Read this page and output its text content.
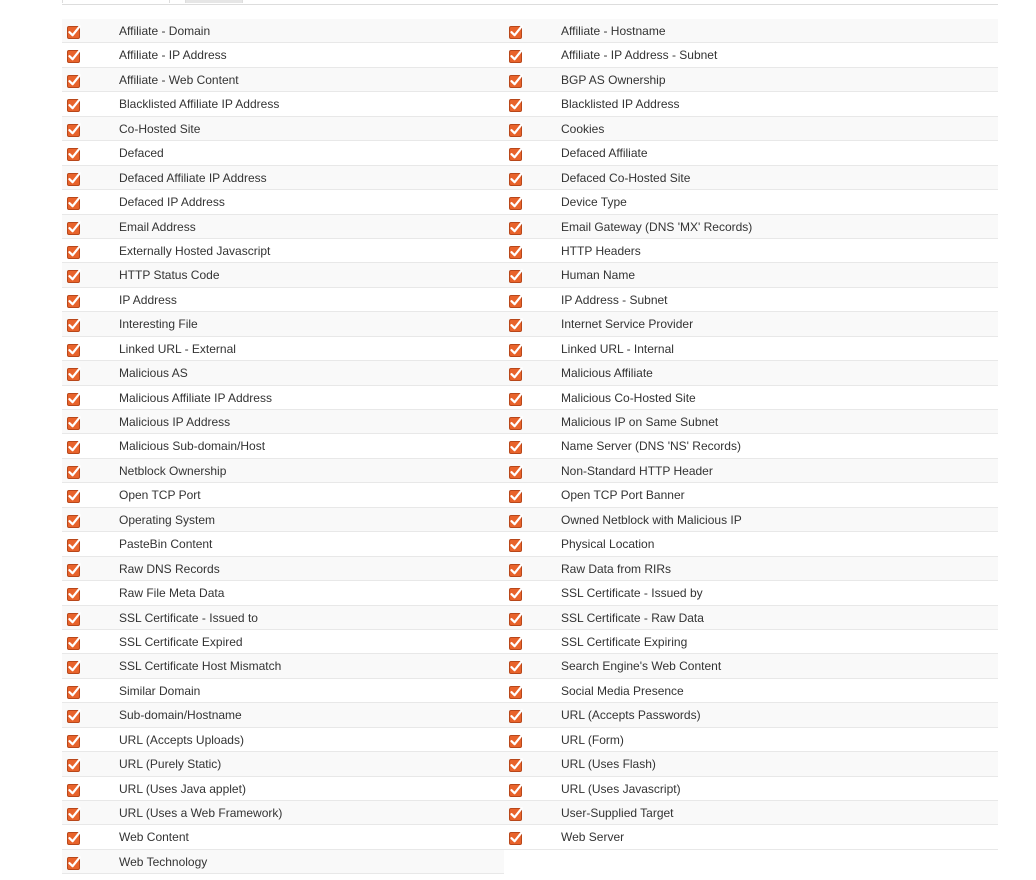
Affiliate - Domain	Affiliate - Hostname
Affiliate - IP Address	Affiliate - IP Address - Subnet
Affiliate - Web Content	BGP AS Ownership
Blacklisted Affiliate IP Address	Blacklisted IP Address
Co-Hosted Site	Cookies
Defaced	Defaced Affiliate
Defaced Affiliate IP Address	Defaced Co-Hosted Site
Defaced IP Address	Device Type
Email Address	Email Gateway (DNS 'MX' Records)
Externally Hosted Javascript	HTTP Headers
HTTP Status Code	Human Name
IP Address	IP Address - Subnet
Interesting File	Internet Service Provider
Linked URL - External	Linked URL - Internal
Malicious AS	Malicious Affiliate
Malicious Affiliate IP Address	Malicious Co-Hosted Site
Malicious IP Address	Malicious IP on Same Subnet
Malicious Sub-domain/Host	Name Server (DNS 'NS' Records)
Netblock Ownership	Non-Standard HTTP Header
Open TCP Port	Open TCP Port Banner
Operating System	Owned Netblock with Malicious IP
PasteBin Content	Physical Location
Raw DNS Records	Raw Data from RIRs
Raw File Meta Data	SSL Certificate - Issued by
SSL Certificate - Issued to	SSL Certificate - Raw Data
SSL Certificate Expired	SSL Certificate Expiring
SSL Certificate Host Mismatch	Search Engine's Web Content
Similar Domain	Social Media Presence
Sub-domain/Hostname	URL (Accepts Passwords)
URL (Accepts Uploads)	URL (Form)
URL (Purely Static)	URL (Uses Flash)
URL (Uses Java applet)	URL (Uses Javascript)
URL (Uses a Web Framework)	User-Supplied Target
Web Content	Web Server
Web Technology
